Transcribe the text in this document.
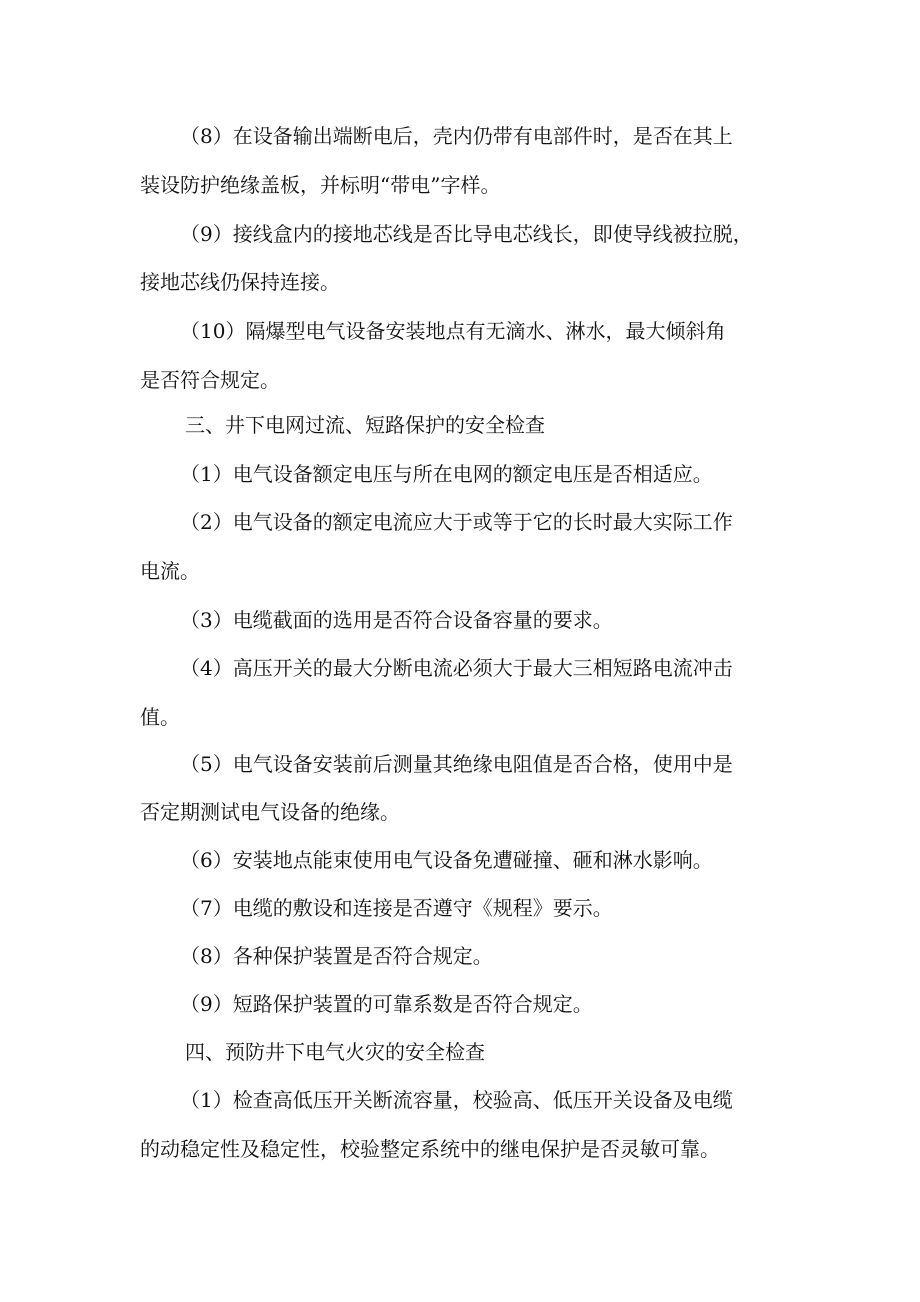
（8）在设备输出端断电后，壳内仍带有电部件时，是否在其上
装设防护绝缘盖板，并标明“带电”字样。
（9）接线盒内的接地芯线是否比导电芯线长，即使导线被拉脱，
接地芯线仍保持连接。
（10）隔爆型电气设备安装地点有无滴水、淋水，最大倾斜角
是否符合规定。
三、井下电网过流、短路保护的安全检查
（1）电气设备额定电压与所在电网的额定电压是否相适应。
（2）电气设备的额定电流应大于或等于它的长时最大实际工作
电流。
（3）电缆截面的选用是否符合设备容量的要求。
（4）高压开关的最大分断电流必须大于最大三相短路电流冲击
值。
（5）电气设备安装前后测量其绝缘电阻值是否合格，使用中是
否定期测试电气设备的绝缘。
（6）安装地点能束使用电气设备免遭碰撞、砸和淋水影响。
（7）电缆的敷设和连接是否遵守《规程》要示。
（8）各种保护装置是否符合规定。
（9）短路保护装置的可靠系数是否符合规定。
四、预防井下电气火灾的安全检查
（1）检查高低压开关断流容量，校验高、低压开关设备及电缆
的动稳定性及稳定性，校验整定系统中的继电保护是否灵敏可靠。
